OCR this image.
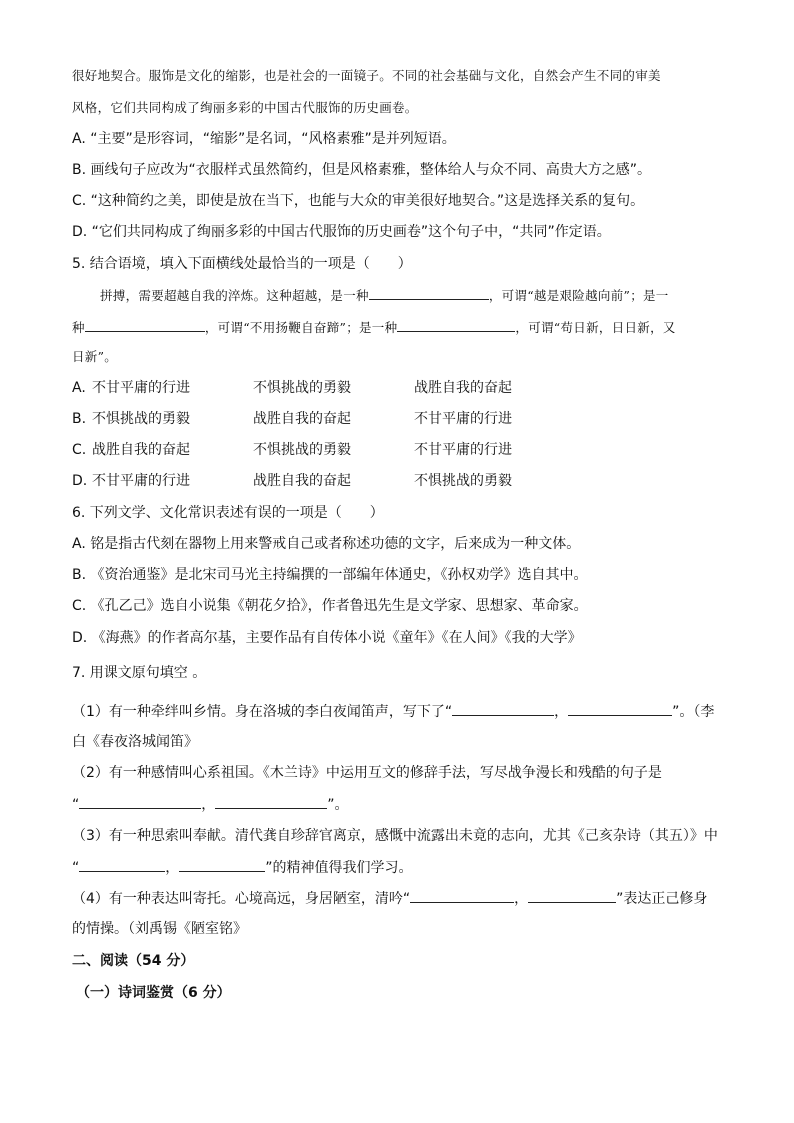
很好地契合。服饰是文化的缩影，也是社会的一面镜子。不同的社会基础与文化，自然会产生不同的审美
风格，它们共同构成了绚丽多彩的中国古代服饰的历史画卷。
A. “主要”是形容词，“缩影”是名词，“风格素雅”是并列短语。
B. 画线句子应改为“衣服样式虽然简约，但是风格素雅，整体给人与众不同、高贵大方之感”。
C. “这种简约之美，即使是放在当下，也能与大众的审美很好地契合。”这是选择关系的复句。
D. “它们共同构成了绚丽多彩的中国古代服饰的历史画卷”这个句子中，“共同”作定语。
5. 结合语境，填入下面横线处最恰当的一项是（　　）
拼搏，需要超越自我的淬炼。这种超越，是一种	，可谓“越是艰险越向前”；是一
种	，可谓“不用扬鞭自奋蹄”；是一种	，可谓“苟日新，日日新，又
日新”。
A. 不甘平庸的行进	不惧挑战的勇毅	战胜自我的奋起
B. 不惧挑战的勇毅	战胜自我的奋起	不甘平庸的行进
C. 战胜自我的奋起	不惧挑战的勇毅	不甘平庸的行进
D. 不甘平庸的行进	战胜自我的奋起	不惧挑战的勇毅
6. 下列文学、文化常识表述有误的一项是（　　）
A. 铭是指古代刻在器物上用来警戒自己或者称述功德的文字，后来成为一种文体。
B. 《资治通鉴》是北宋司马光主持编撰的一部编年体通史，《孙权劝学》选自其中。
C. 《孔乙己》选自小说集《朝花夕拾》，作者鲁迅先生是文学家、思想家、革命家。
D. 《海燕》的作者高尔基，主要作品有自传体小说《童年》《在人间》《我的大学》
7. 用课文原句填空 。
（1）有一种牵绊叫乡情。身在洛城的李白夜闻笛声，写下了“	，	”。（李
白《春夜洛城闻笛》
（2）有一种感情叫心系祖国。《木兰诗》中运用互文的修辞手法，写尽战争漫长和残酷的句子是
“	，	”。
（3）有一种思索叫奉献。清代龚自珍辞官离京，感慨中流露出未竟的志向，尤其《己亥杂诗（其五）》中
“	，	”的精神值得我们学习。
（4）有一种表达叫寄托。心境高远，身居陋室，清吟“	，	”表达正己修身
的情操。（刘禹锡《陋室铭》
二、阅读（54 分）
（一）诗词鉴赏（6 分）
